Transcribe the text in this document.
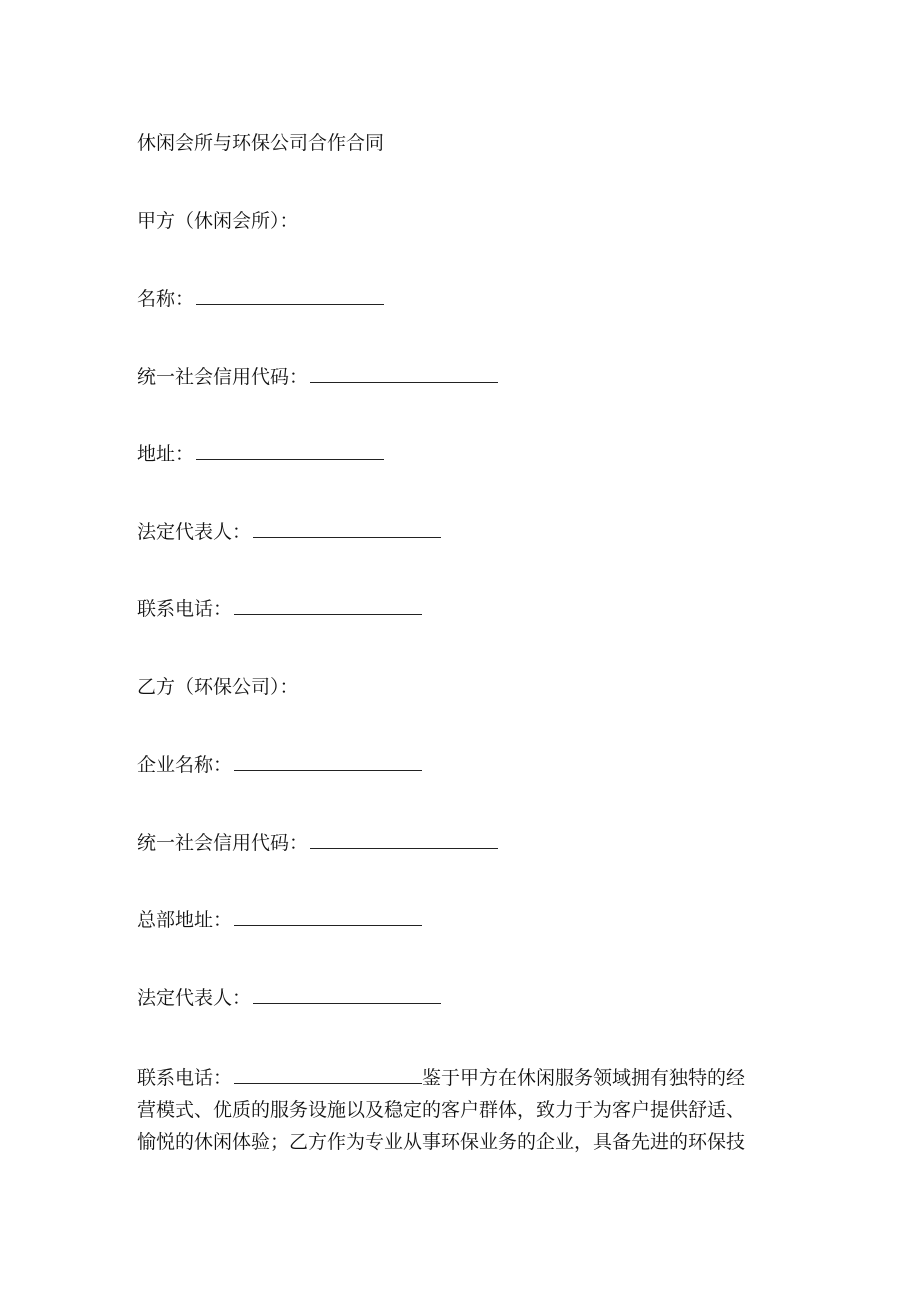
休闲会所与环保公司合作合同
甲方（休闲会所）：
名称：
统一社会信用代码：
地址：
法定代表人：
联系电话：
乙方（环保公司）：
企业名称：
统一社会信用代码：
总部地址：
法定代表人：
联系电话：	鉴于甲方在休闲服务领域拥有独特的经
营模式、优质的服务设施以及稳定的客户群体，致力于为客户提供舒适、
愉悦的休闲体验；乙方作为专业从事环保业务的企业，具备先进的环保技
